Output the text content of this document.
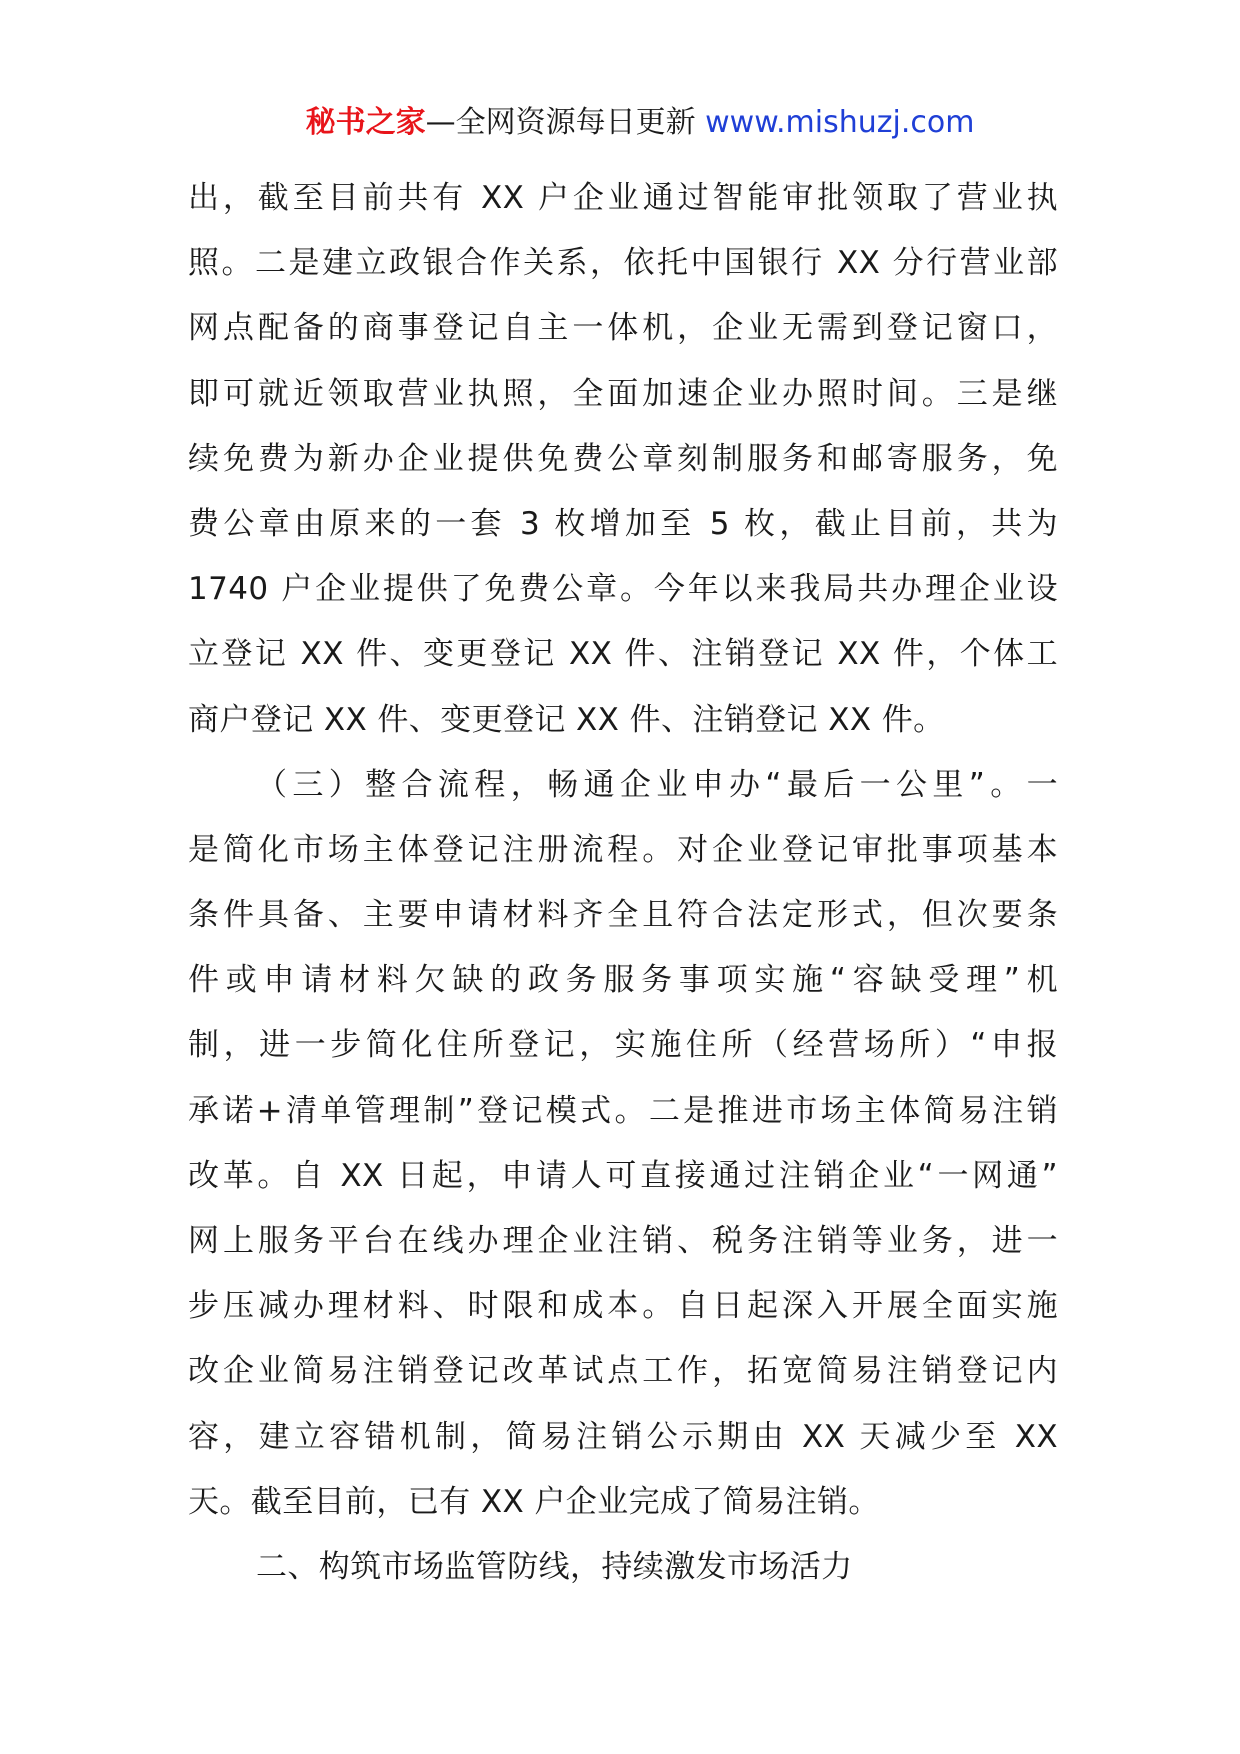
秘书之家—全网资源每日更新 www.mishuzj.com
出，截至目前共有 XX 户企业通过智能审批领取了营业执
照。二是建立政银合作关系，依托中国银行 XX 分行营业部
网点配备的商事登记自主一体机，企业无需到登记窗口，
即可就近领取营业执照，全面加速企业办照时间。三是继
续免费为新办企业提供免费公章刻制服务和邮寄服务，免
费公章由原来的一套 3 枚增加至 5 枚，截止目前，共为
1740 户企业提供了免费公章。今年以来我局共办理企业设
立登记 XX 件、变更登记 XX 件、注销登记 XX 件，个体工
商户登记 XX 件、变更登记 XX 件、注销登记 XX 件。
（三）整合流程，畅通企业申办“最后一公里”。一
是简化市场主体登记注册流程。对企业登记审批事项基本
条件具备、主要申请材料齐全且符合法定形式，但次要条
件或申请材料欠缺的政务服务事项实施“容缺受理”机
制，进一步简化住所登记，实施住所（经营场所）“申报
承诺+清单管理制”登记模式。二是推进市场主体简易注销
改革。自 XX 日起，申请人可直接通过注销企业“一网通”
网上服务平台在线办理企业注销、税务注销等业务，进一
步压减办理材料、时限和成本。自日起深入开展全面实施
改企业简易注销登记改革试点工作，拓宽简易注销登记内
容，建立容错机制，简易注销公示期由 XX 天减少至 XX
天。截至目前，已有 XX 户企业完成了简易注销。
二、构筑市场监管防线，持续激发市场活力
